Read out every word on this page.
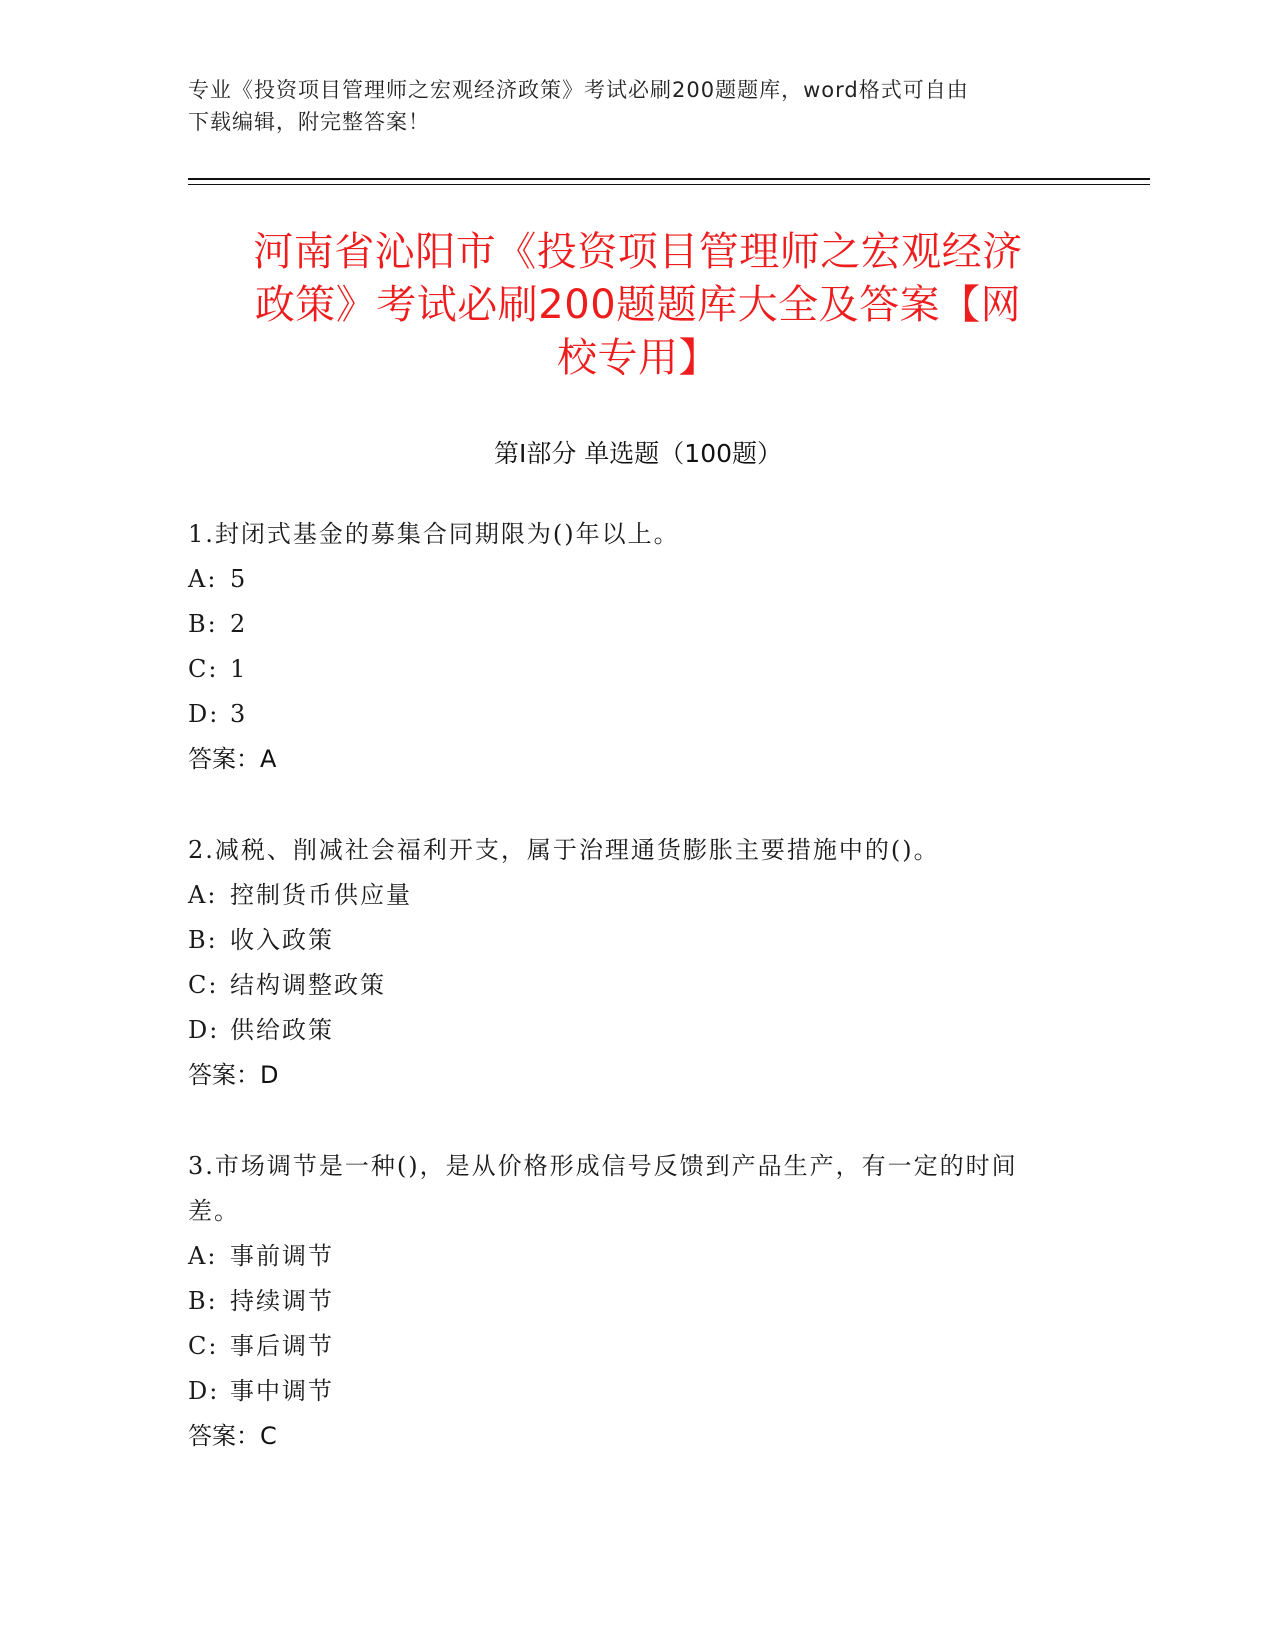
专业《投资项目管理师之宏观经济政策》考试必刷200题题库，word格式可自由
下载编辑，附完整答案！
河南省沁阳市《投资项目管理师之宏观经济
政策》考试必刷200题题库大全及答案【网
校专用】
第I部分 单选题（100题）
1.封闭式基金的募集合同期限为()年以上。
A: 5
B: 2
C: 1
D: 3
答案：A
2.减税、削减社会福利开支，属于治理通货膨胀主要措施中的()。
A: 控制货币供应量
B: 收入政策
C: 结构调整政策
D: 供给政策
答案：D
3.市场调节是一种()，是从价格形成信号反馈到产品生产，有一定的时间差。
A: 事前调节
B: 持续调节
C: 事后调节
D: 事中调节
答案：C
